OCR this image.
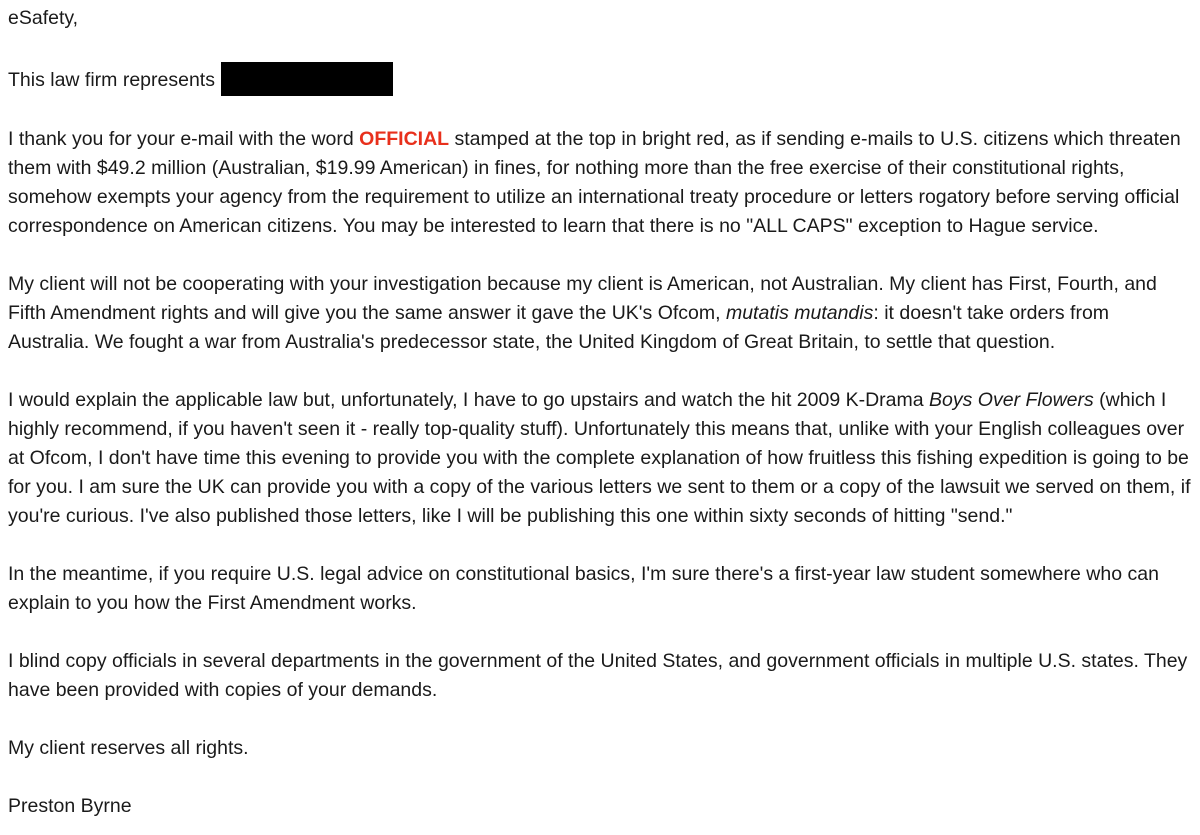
eSafety,

This law firm represents

I thank you for your e-mail with the word OFFICIAL stamped at the top in bright red, as if sending e-mails to U.S. citizens which threaten them with $49.2 million (Australian, $19.99 American) in fines, for nothing more than the free exercise of their constitutional rights, somehow exempts your agency from the requirement to utilize an international treaty procedure or letters rogatory before serving official correspondence on American citizens. You may be interested to learn that there is no "ALL CAPS" exception to Hague service.

My client will not be cooperating with your investigation because my client is American, not Australian. My client has First, Fourth, and Fifth Amendment rights and will give you the same answer it gave the UK's Ofcom, mutatis mutandis: it doesn't take orders from Australia. We fought a war from Australia's predecessor state, the United Kingdom of Great Britain, to settle that question.

I would explain the applicable law but, unfortunately, I have to go upstairs and watch the hit 2009 K-Drama Boys Over Flowers (which I highly recommend, if you haven't seen it - really top-quality stuff). Unfortunately this means that, unlike with your English colleagues over at Ofcom, I don't have time this evening to provide you with the complete explanation of how fruitless this fishing expedition is going to be for you. I am sure the UK can provide you with a copy of the various letters we sent to them or a copy of the lawsuit we served on them, if you're curious. I've also published those letters, like I will be publishing this one within sixty seconds of hitting "send."

In the meantime, if you require U.S. legal advice on constitutional basics, I'm sure there's a first-year law student somewhere who can explain to you how the First Amendment works.

I blind copy officials in several departments in the government of the United States, and government officials in multiple U.S. states. They have been provided with copies of your demands.

My client reserves all rights.

Preston Byrne
